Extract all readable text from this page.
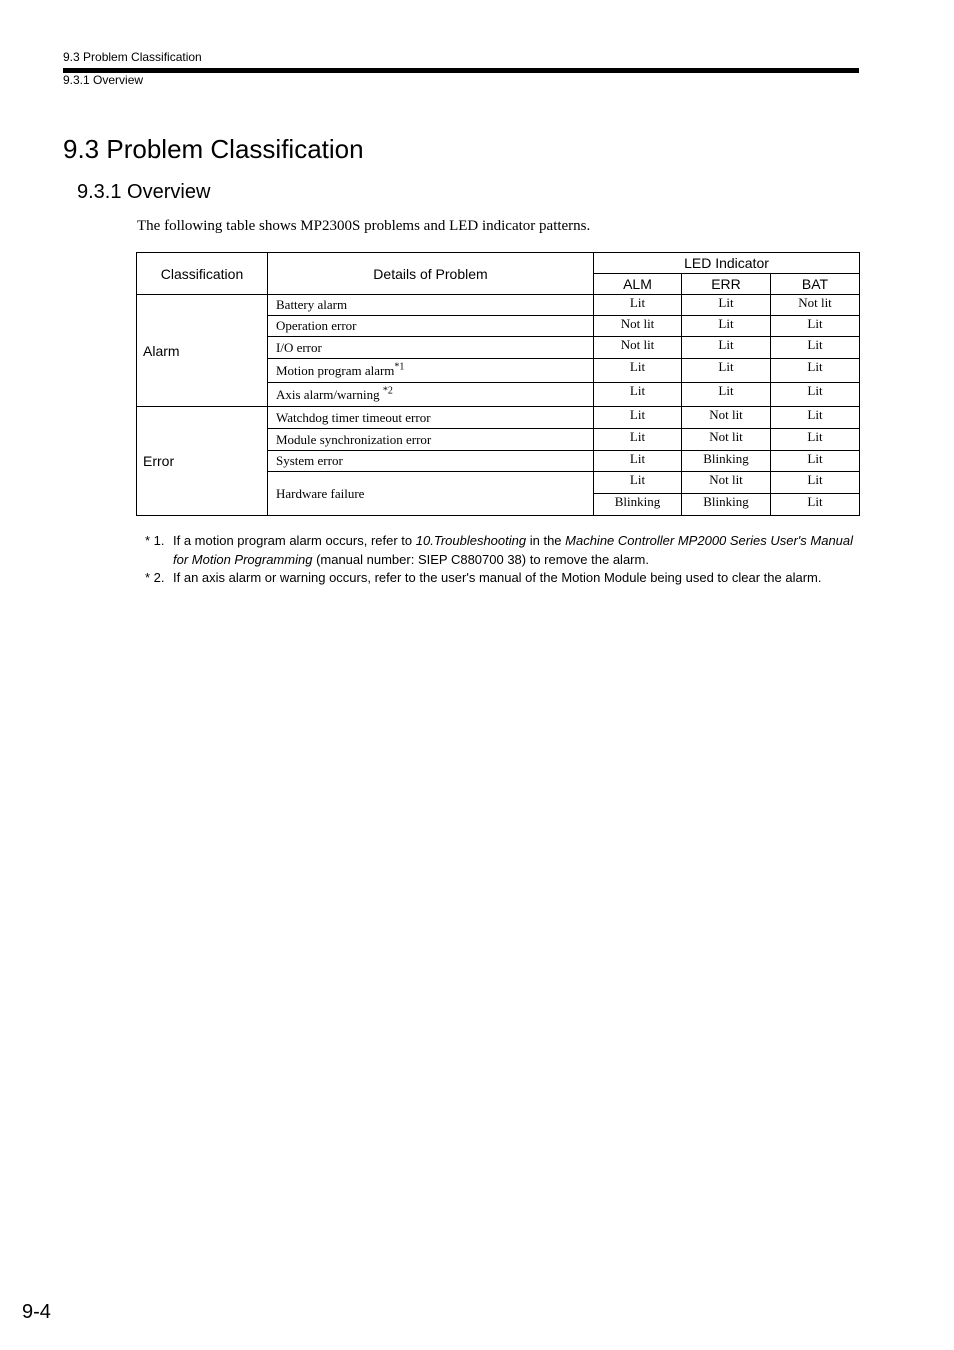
9.3 Problem Classification
9.3.1 Overview
9.3 Problem Classification
9.3.1 Overview
The following table shows MP2300S problems and LED indicator patterns.
Classification	Details of Problem	LED Indicator		
		ALM	ERR	BAT
Alarm	Battery alarm	Lit	Lit	Not lit
	Operation error	Not lit	Lit	Lit
	I/O error	Not lit	Lit	Lit
	Motion program alarm$^{*1}$	Lit	Lit	Lit
	Axis alarm/warning $^{*2}$	Lit	Lit	Lit
Error	Watchdog timer timeout error	Lit	Not lit	Lit
	Module synchronization error	Lit	Not lit	Lit
	System error	Lit	Blinking	Lit
	Hardware failure	Lit	Not lit	Lit
		Blinking	Blinking	Lit
* 1. If a motion program alarm occurs, refer to 10.Troubleshooting in the Machine Controller MP2000 Series User's Manual for Motion Programming (manual number: SIEP C880700 38) to remove the alarm.
* 2. If an axis alarm or warning occurs, refer to the user's manual of the Motion Module being used to clear the alarm.
9-4
